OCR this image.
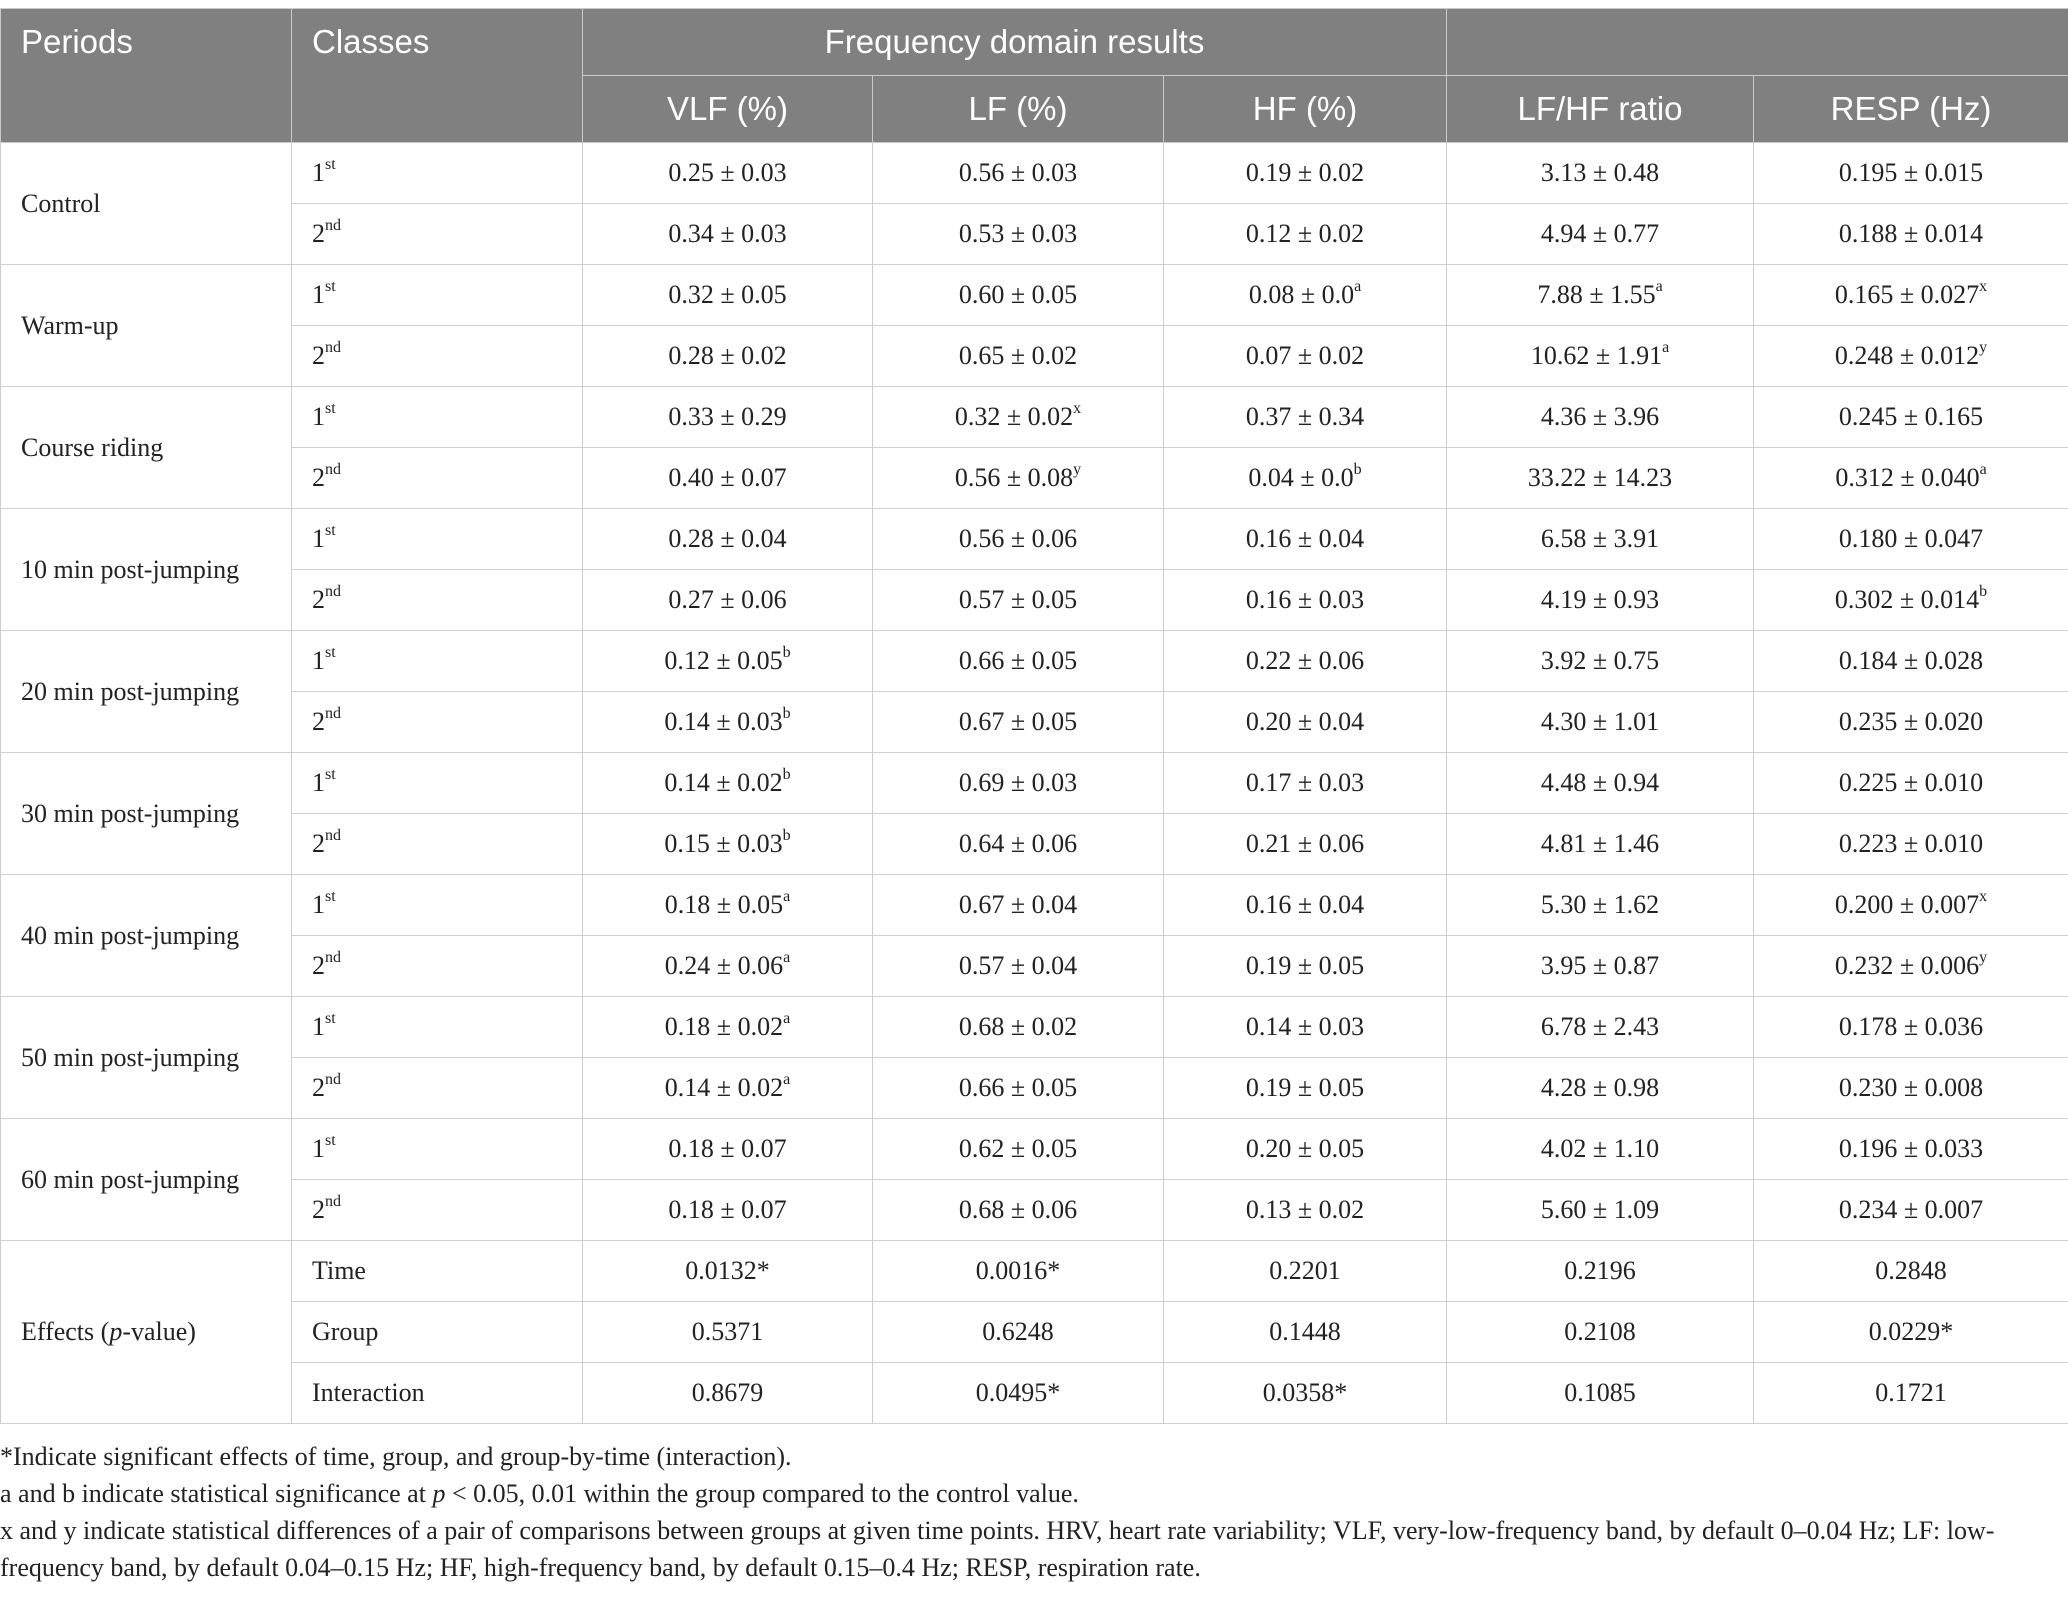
Periods	Classes	Frequency domain results				
		VLF (%)	LF (%)	HF (%)	LF/HF ratio	RESP (Hz)
Control	1st	0.25 ± 0.03	0.56 ± 0.03	0.19 ± 0.02	3.13 ± 0.48	0.195 ± 0.015
	2nd	0.34 ± 0.03	0.53 ± 0.03	0.12 ± 0.02	4.94 ± 0.77	0.188 ± 0.014
Warm-up	1st	0.32 ± 0.05	0.60 ± 0.05	0.08 ± 0.0$^a$	7.88 ± 1.55$^a$	$0.165 \pm 0.027^x$
	2nd	0.28 ± 0.02	0.65 ± 0.02	0.07 ± 0.02	10.62 ± 1.91$^a$	$0.248 \pm 0.012^y$
Course riding	1st	0.33 ± 0.29	$0.32 \pm 0.02^x$	0.37 ± 0.34	4.36 ± 3.96	0.245 ± 0.165
	2nd	0.40 ± 0.07	$0.56 \pm 0.08^y$	0.04 ± 0.0$^b$	33.22 ± 14.23	0.312 ± 0.040$^a$
10 min post-jumping	1st	0.28 ± 0.04	0.56 ± 0.06	0.16 ± 0.04	6.58 ± 3.91	0.180 ± 0.047
	2nd	0.27 ± 0.06	0.57 ± 0.05	0.16 ± 0.03	4.19 ± 0.93	0.302 ± 0.014$^b$
20 min post-jumping	1st	0.12 ± 0.05$^b$	0.66 ± 0.05	0.22 ± 0.06	3.92 ± 0.75	0.184 ± 0.028
	2nd	0.14 ± 0.03$^b$	0.67 ± 0.05	0.20 ± 0.04	4.30 ± 1.01	0.235 ± 0.020
30 min post-jumping	1st	0.14 ± 0.02$^b$	0.69 ± 0.03	0.17 ± 0.03	4.48 ± 0.94	0.225 ± 0.010
	2nd	0.15 ± 0.03$^b$	0.64 ± 0.06	0.21 ± 0.06	4.81 ± 1.46	0.223 ± 0.010
40 min post-jumping	1st	0.18 ± 0.05$^a$	0.67 ± 0.04	0.16 ± 0.04	5.30 ± 1.62	$0.200 \pm 0.007^x$
	2nd	0.24 ± 0.06$^a$	0.57 ± 0.04	0.19 ± 0.05	3.95 ± 0.87	$0.232 \pm 0.006^y$
50 min post-jumping	1st	0.18 ± 0.02$^a$	0.68 ± 0.02	0.14 ± 0.03	6.78 ± 2.43	0.178 ± 0.036
	2nd	0.14 ± 0.02$^a$	0.66 ± 0.05	0.19 ± 0.05	4.28 ± 0.98	0.230 ± 0.008
60 min post-jumping	1st	0.18 ± 0.07	0.62 ± 0.05	0.20 ± 0.05	4.02 ± 1.10	0.196 ± 0.033
	2nd	0.18 ± 0.07	0.68 ± 0.06	0.13 ± 0.02	5.60 ± 1.09	0.234 ± 0.007
Effects (p-value)	Time	0.0132*	0.0016*	0.2201	0.2196	0.2848
	Group	0.5371	0.6248	0.1448	0.2108	0.0229*
	Interaction	0.8679	0.0495*	0.0358*	0.1085	0.1721

*Indicate significant effects of time, group, and group-by-time (interaction).

a and b indicate statistical significance at p < 0.05, 0.01 within the group compared to the control value.

x and y indicate statistical differences of a pair of comparisons between groups at given time points. HRV, heart rate variability; VLF, very-low-frequency band, by default 0–0.04 Hz; LF: low-frequency band, by default 0.04–0.15 Hz; HF, high-frequency band, by default 0.15–0.4 Hz; RESP, respiration rate.
